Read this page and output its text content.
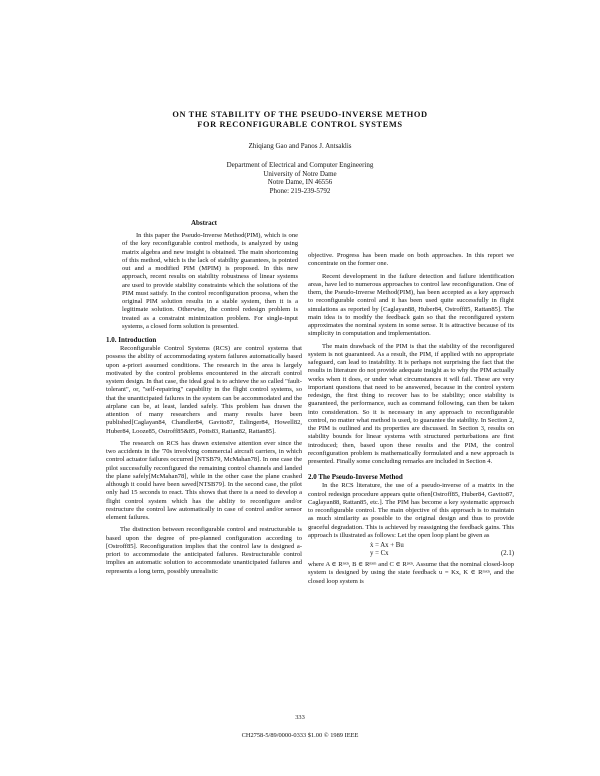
ON THE STABILITY OF THE PSEUDO-INVERSE METHOD
FOR RECONFIGURABLE CONTROL SYSTEMS
Zhiqiang Gao and Panos J. Antsaklis
Department of Electrical and Computer Engineering
University of Notre Dame
Notre Dame, IN 46556
Phone: 219-239-5792
Abstract

In this paper the Pseudo-Inverse Method(PIM), which is one of the key reconfigurable control methods, is analyzed by using matrix algebra and new insight is obtained. The main shortcoming of this method, which is the lack of stability guarantees, is pointed out and a modified PIM (MPIM) is proposed. In this new approach, recent results on stability robustness of linear systems are used to provide stability constraints which the solutions of the PIM must satisfy. In the control reconfiguration process, when the original PIM solution results in a stable system, then it is a legitimate solution. Otherwise, the control redesign problem is treated as a constraint minimization problem. For single-input systems, a closed form solution is presented.

1.0. Introduction

Reconfigurable Control Systems (RCS) are control systems that possess the ability of accommodating system failures automatically based upon a-priori assumed conditions. The research in the area is largely motivated by the control problems encountered in the aircraft control system design. In that case, the ideal goal is to achieve the so called "fault-tolerant", or, "self-repairing" capability in the flight control systems, so that the unanticipated failures in the system can be accommodated and the airplane can be, at least, landed safely. This problem has drawn the attention of many researchers and many results have been published[Caglayan84, Chandler84, Gavito87, Eslinger84, Howell82, Huber84, Looze85, Ostroff85&85, Potts83, Rattan82, Rattan85].

The research on RCS has drawn extensive attention ever since the two accidents in the '70s involving commercial aircraft carriers, in which control actuator failures occurred [NTSB79, McMahan78]. In one case the pilot successfully reconfigured the remaining control channels and landed the plane safely[McMahan78], while in the other case the plane crashed although it could have been saved[NTSB79]. In the second case, the pilot only had 15 seconds to react. This shows that there is a need to develop a flight control system which has the ability to reconfigure and/or restructure the control law automatically in case of control and/or sensor element failures.

The distinction between reconfigurable control and restructurable is based upon the degree of pre-planned configuration according to [Ostroff85]. Reconfiguration implies that the control law is designed a-priori to accommodate the anticipated failures. Restructurable control implies an automatic solution to accommodate unanticipated failures and represents a long term, possibly unrealistic

objective. Progress has been made on both approaches. In this report we concentrate on the former one.

Recent development in the failure detection and failure identification areas, have led to numerous approaches to control law reconfiguration. One of them, the Pseudo-Inverse Method(PIM), has been accepted as a key approach to reconfigurable control and it has been used quite successfully in flight simulations as reported by [Caglayan88, Huber84, Ostroff85, Rattan85]. The main idea is to modify the feedback gain so that the reconfigured system approximates the nominal system in some sense. It is attractive because of its simplicity in computation and implementation.

The main drawback of the PIM is that the stability of the reconfigured system is not guaranteed. As a result, the PIM, if applied with no appropriate safeguard, can lead to instability. It is perhaps not surprising the fact that the results in literature do not provide adequate insight as to why the PIM actually works when it does, or under what circumstances it will fail. These are very important questions that need to be answered, because in the control system redesign, the first thing to recover has to be stability; once stability is guaranteed, the performance, such as command following, can then be taken into consideration. So it is necessary in any approach to reconfigurable control, no matter what method is used, to guarantee the stability. In Section 2, the PIM is outlined and its properties are discussed. In Section 3, results on stability bounds for linear systems with structured perturbations are first introduced; then, based upon these results and the PIM, the control reconfiguration problem is mathematically formulated and a new approach is presented. Finally some concluding remarks are included in Section 4.

2.0 The Pseudo-Inverse Method

In the RCS literature, the use of a pseudo-inverse of a matrix in the control redesign procedure appears quite often[Ostroff85, Huber84, Gavito87, Caglayan88, Rattan85, etc.]. The PIM has become a key systematic approach to reconfigurable control. The main objective of this approach is to maintain as much similarity as possible to the original design and thus to provide graceful degradation. This is achieved by reassigning the feedback gains. This approach is illustrated as follows: Let the open loop plant be given as

ẋ = Ax + Bu
y = Cx	(2.1)

where A ∈ Rⁿˣⁿ, B ∈ Rⁿˣᵐ and C ∈ Rᵖˣⁿ. Assume that the nominal closed-loop system is designed by using the state feedback u = Kx, K ∈ Rᵐˣⁿ, and the closed loop system is

333
CH2758-5/89/0000-0333 $1.00 © 1989 IEEE
